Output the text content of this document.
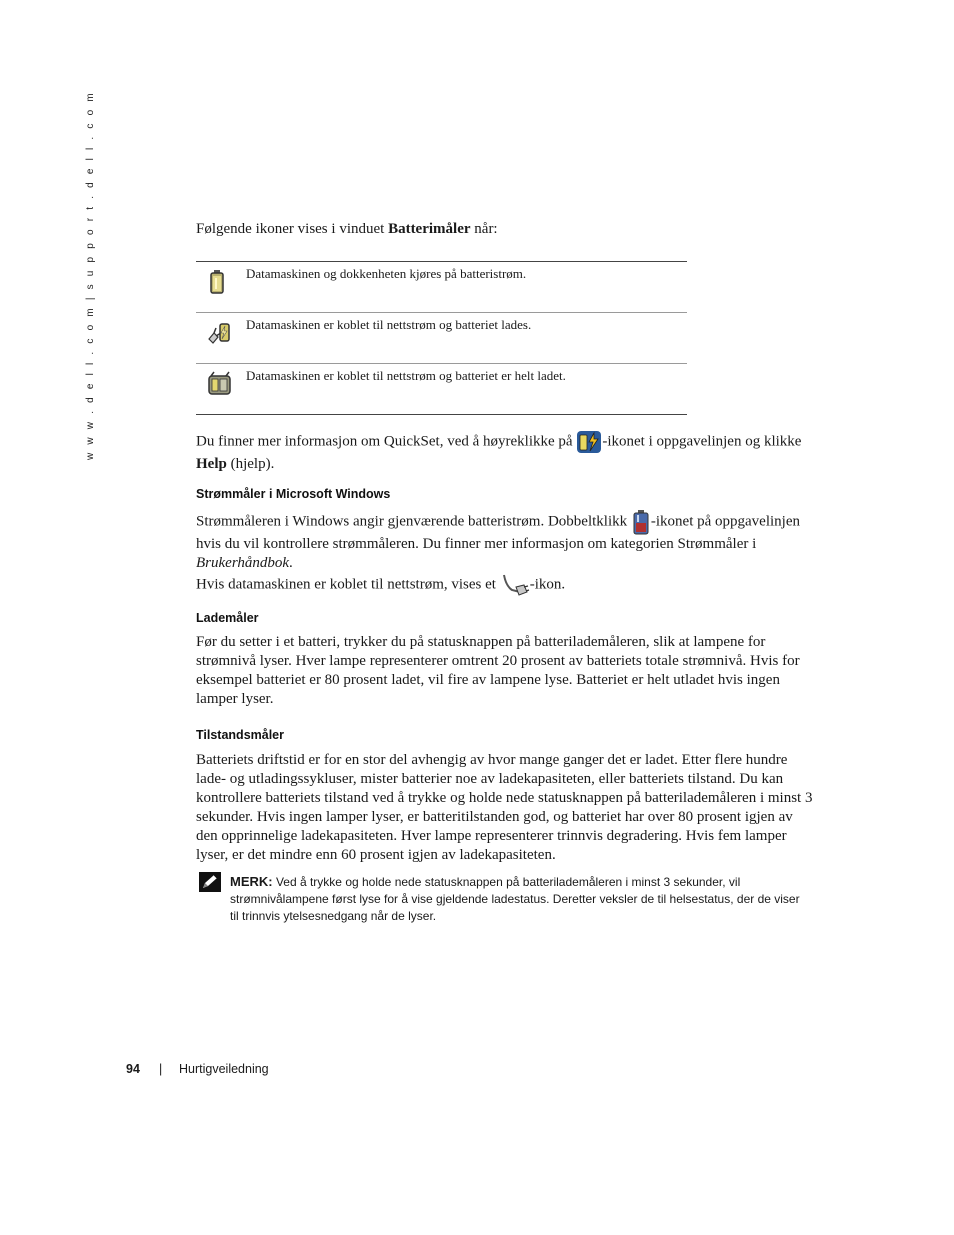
w w w . d e l l . c o m | s u p p o r t . d e l l . c o m	Følgende ikoner vises i vinduet Batterimåler når:

Datamaskinen og dokkenheten kjøres på batteristrøm.
Datamaskinen er koblet til nettstrøm og batteriet lades.
Datamaskinen er koblet til nettstrøm og batteriet er helt ladet.

Du finner mer informasjon om QuickSet, ved å høyreklikke på -ikonet i oppgavelinjen og klikke Help (hjelp).

Strømmåler i Microsoft Windows

Strømmåleren i Windows angir gjenværende batteristrøm. Dobbeltklikk -ikonet på oppgavelinjen hvis du vil kontrollere strømmåleren. Du finner mer informasjon om kategorien Strømmåler i Brukerhåndbok.

Hvis datamaskinen er koblet til nettstrøm, vises et -ikon.

Lademåler

Før du setter i et batteri, trykker du på statusknappen på batterilademåleren, slik at lampene for strømnivå lyser. Hver lampe representerer omtrent 20 prosent av batteriets totale strømnivå. Hvis for eksempel batteriet er 80 prosent ladet, vil fire av lampene lyse. Batteriet er helt utladet hvis ingen lamper lyser.

Tilstandsmåler

Batteriets driftstid er for en stor del avhengig av hvor mange ganger det er ladet. Etter flere hundre lade- og utladingssykluser, mister batterier noe av ladekapasiteten, eller batteriets tilstand. Du kan kontrollere batteriets tilstand ved å trykke og holde nede statusknappen på batterilademåleren i minst 3 sekunder. Hvis ingen lamper lyser, er batteritilstanden god, og batteriet har over 80 prosent igjen av den opprinnelige ladekapasiteten. Hver lampe representerer trinnvis degradering. Hvis fem lamper lyser, er det mindre enn 60 prosent igjen av ladekapasiteten.

MERK: Ved å trykke og holde nede statusknappen på batterilademåleren i minst 3 sekunder, vil strømnivålampene først lyse for å vise gjeldende ladestatus. Deretter veksler de til helsestatus, der de viser til trinnvis ytelsesnedgang når de lyser.
94 | Hurtigveiledning
